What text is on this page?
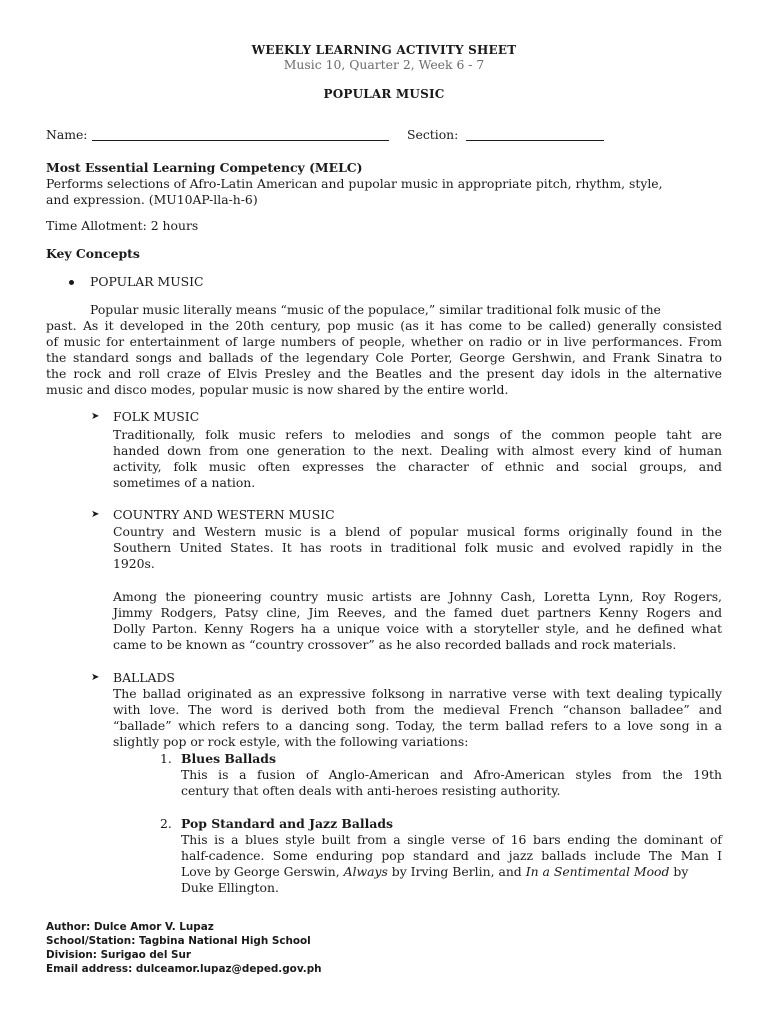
WEEKLY LEARNING ACTIVITY SHEET
Music 10, Quarter 2, Week 6 - 7
POPULAR MUSIC
Name:	Section:
Most Essential Learning Competency (MELC)
Performs selections of Afro-Latin American and pupolar music in appropriate pitch, rhythm, style,
and expression. (MU10AP-lla-h-6)
Time Allotment: 2 hours
Key Concepts
POPULAR MUSIC
Popular music literally means “music of the populace,” similar traditional folk music of the
past. As it developed in the 20th century, pop music (as it has come to be called) generally consisted
of music for entertainment of large numbers of people, whether on radio or in live performances. From
the standard songs and ballads of the legendary Cole Porter, George Gershwin, and Frank Sinatra to
the rock and roll craze of Elvis Presley and the Beatles and the present day idols in the alternative
music and disco modes, popular music is now shared by the entire world.
➤ FOLK MUSIC
Traditionally, folk music refers to melodies and songs of the common people taht are
handed down from one generation to the next. Dealing with almost every kind of human
activity, folk music often expresses the character of ethnic and social groups, and
sometimes of a nation.
➤ COUNTRY AND WESTERN MUSIC
Country and Western music is a blend of popular musical forms originally found in the
Southern United States. It has roots in traditional folk music and evolved rapidly in the
1920s.
Among the pioneering country music artists are Johnny Cash, Loretta Lynn, Roy Rogers,
Jimmy Rodgers, Patsy cline, Jim Reeves, and the famed duet partners Kenny Rogers and
Dolly Parton. Kenny Rogers ha a unique voice with a storyteller style, and he defined what
came to be known as “country crossover” as he also recorded ballads and rock materials.
➤ BALLADS
The ballad originated as an expressive folksong in narrative verse with text dealing typically
with love. The word is derived both from the medieval French “chanson balladee” and
“ballade” which refers to a dancing song. Today, the term ballad refers to a love song in a
slightly pop or rock estyle, with the following variations:
1. Blues Ballads
This is a fusion of Anglo-American and Afro-American styles from the 19th
century that often deals with anti-heroes resisting authority.
2. Pop Standard and Jazz Ballads
This is a blues style built from a single verse of 16 bars ending the dominant of
half-cadence. Some enduring pop standard and jazz ballads include The Man I
Love by George Gerswin, Always by Irving Berlin, and In a Sentimental Mood by
Duke Ellington.
Author: Dulce Amor V. Lupaz
School/Station: Tagbina National High School
Division: Surigao del Sur
Email address: dulceamor.lupaz@deped.gov.ph
